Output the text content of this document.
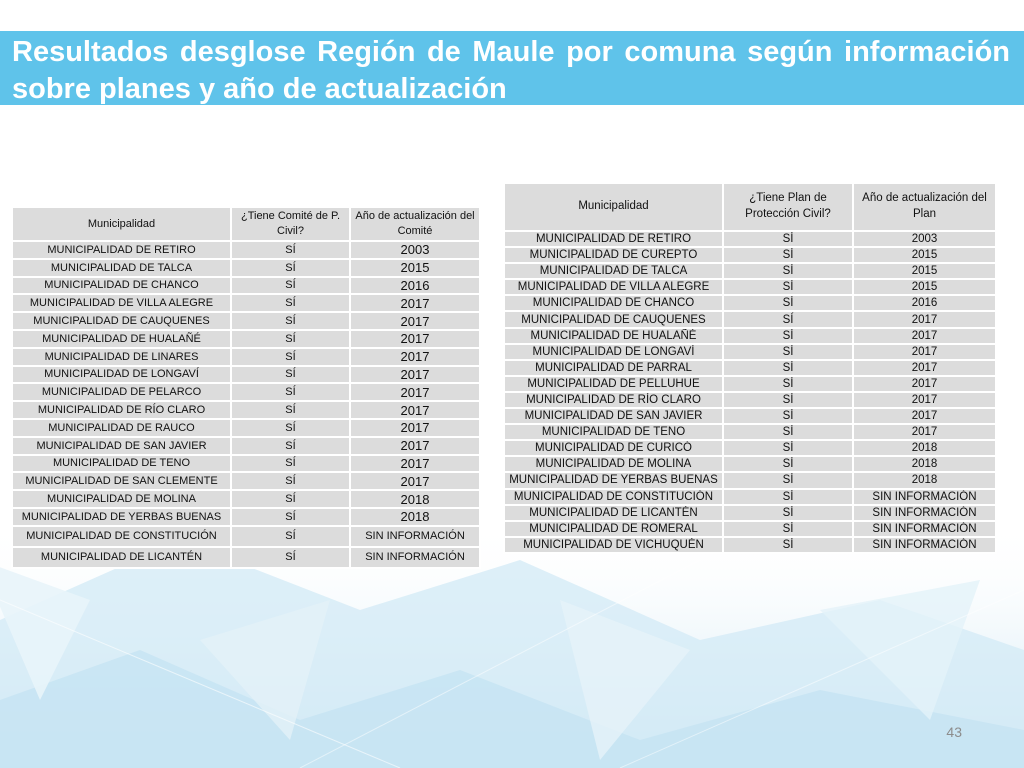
Resultados desglose Región de Maule por comuna según información sobre planes y año de actualización
Municipalidad	¿Tiene Comité de P. Civil?	Año de actualización del Comité
MUNICIPALIDAD DE RETIRO	SÍ	2003
MUNICIPALIDAD DE TALCA	SÍ	2015
MUNICIPALIDAD DE CHANCO	SÍ	2016
MUNICIPALIDAD DE VILLA ALEGRE	SÍ	2017
MUNICIPALIDAD DE CAUQUENES	SÍ	2017
MUNICIPALIDAD DE HUALAÑÉ	SÍ	2017
MUNICIPALIDAD DE LINARES	SÍ	2017
MUNICIPALIDAD DE LONGAVÍ	SÍ	2017
MUNICIPALIDAD DE PELARCO	SÍ	2017
MUNICIPALIDAD DE RÍO CLARO	SÍ	2017
MUNICIPALIDAD DE RAUCO	SÍ	2017
MUNICIPALIDAD DE SAN JAVIER	SÍ	2017
MUNICIPALIDAD DE TENO	SÍ	2017
MUNICIPALIDAD DE SAN CLEMENTE	SÍ	2017
MUNICIPALIDAD DE MOLINA	SÍ	2018
MUNICIPALIDAD DE YERBAS BUENAS	SÍ	2018
MUNICIPALIDAD DE CONSTITUCIÓN	SÍ	SIN INFORMACIÓN
MUNICIPALIDAD DE LICANTÉN	SÍ	SIN INFORMACIÓN
Municipalidad	¿Tiene Plan de Protección Civil?	Año de actualización del Plan
MUNICIPALIDAD DE RETIRO	SÍ	2003
MUNICIPALIDAD DE CUREPTO	SÍ	2015
MUNICIPALIDAD DE TALCA	SÍ	2015
MUNICIPALIDAD DE VILLA ALEGRE	SÍ	2015
MUNICIPALIDAD DE CHANCO	SÍ	2016
MUNICIPALIDAD DE CAUQUENES	SÍ	2017
MUNICIPALIDAD DE HUALAÑÉ	SÍ	2017
MUNICIPALIDAD DE LONGAVÍ	SÍ	2017
MUNICIPALIDAD DE PARRAL	SÍ	2017
MUNICIPALIDAD DE PELLUHUE	SÍ	2017
MUNICIPALIDAD DE RÍO CLARO	SÍ	2017
MUNICIPALIDAD DE SAN JAVIER	SÍ	2017
MUNICIPALIDAD DE TENO	SÍ	2017
MUNICIPALIDAD DE CURICÓ	SÍ	2018
MUNICIPALIDAD DE MOLINA	SÍ	2018
MUNICIPALIDAD DE YERBAS BUENAS	SÍ	2018
MUNICIPALIDAD DE CONSTITUCIÓN	SÍ	SIN INFORMACIÓN
MUNICIPALIDAD DE LICANTÉN	SÍ	SIN INFORMACIÓN
MUNICIPALIDAD DE ROMERAL	SÍ	SIN INFORMACIÓN
MUNICIPALIDAD DE VICHUQUÉN	SÍ	SIN INFORMACIÓN
43
